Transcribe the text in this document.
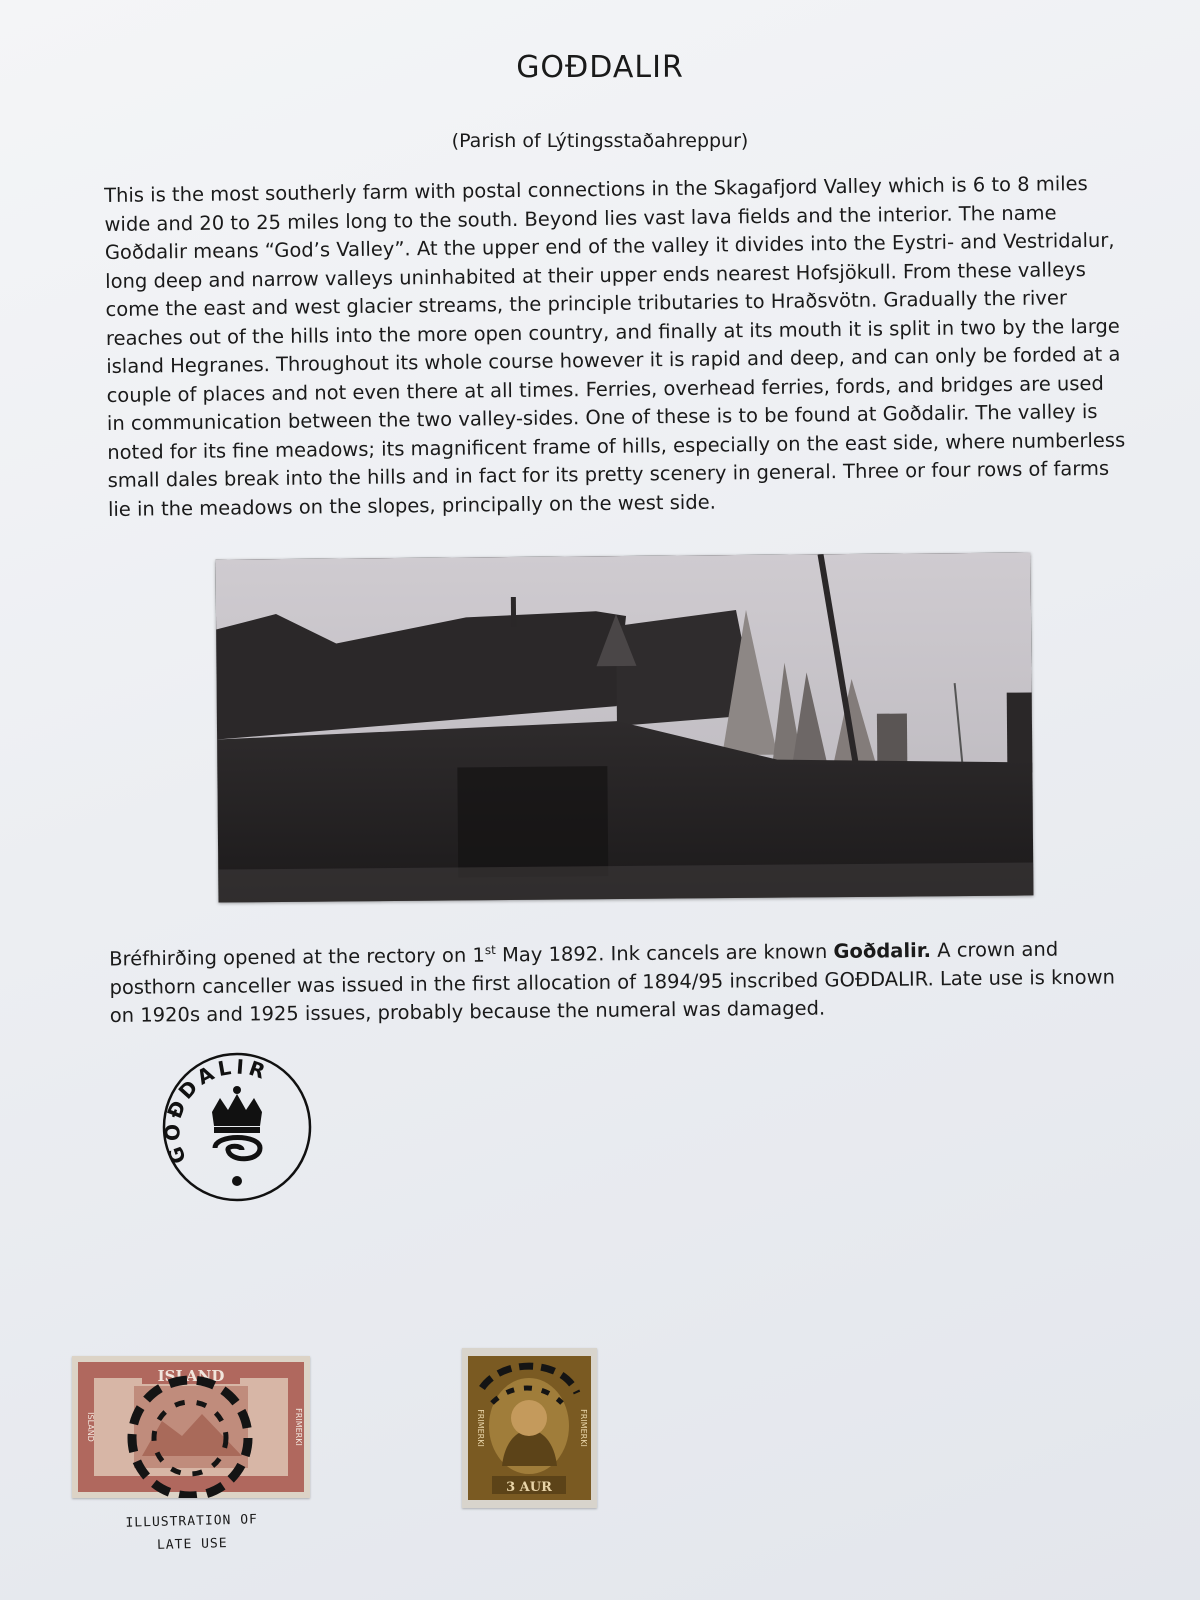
GOÐDALIR
(Parish of Lýtingsstaðahreppur)
This is the most southerly farm with postal connections in the Skagafjord Valley which is 6 to 8 miles wide and 20 to 25 miles long to the south. Beyond lies vast lava fields and the interior. The name Goðdalir means “God’s Valley”. At the upper end of the valley it divides into the Eystri- and Vestridalur, long deep and narrow valleys uninhabited at their upper ends nearest Hofsjökull. From these valleys come the east and west glacier streams, the principle tributaries to Hraðsvötn. Gradually the river reaches out of the hills into the more open country, and finally at its mouth it is split in two by the large island Hegranes. Throughout its whole course however it is rapid and deep, and can only be forded at a couple of places and not even there at all times. Ferries, overhead ferries, fords, and bridges are used in communication between the two valley-sides. One of these is to be found at Goðdalir. The valley is noted for its fine meadows; its magnificent frame of hills, especially on the east side, where numberless small dales break into the hills and in fact for its pretty scenery in general. Three or four rows of farms lie in the meadows on the slopes, principally on the west side.
Bréfhirðing opened at the rectory on 1st May 1892. Ink cancels are known Goðdalir. A crown and posthorn canceller was issued in the first allocation of 1894/95 inscribed GOÐDALIR. Late use is known on 1920s and 1925 issues, probably because the numeral was damaged.
GOÐDALIR
ISLAND
ISLAND	FRIMERKI
3 AUR
FRIMERKI	FRIMERKI
ILLUSTRATION OF
LATE USE
